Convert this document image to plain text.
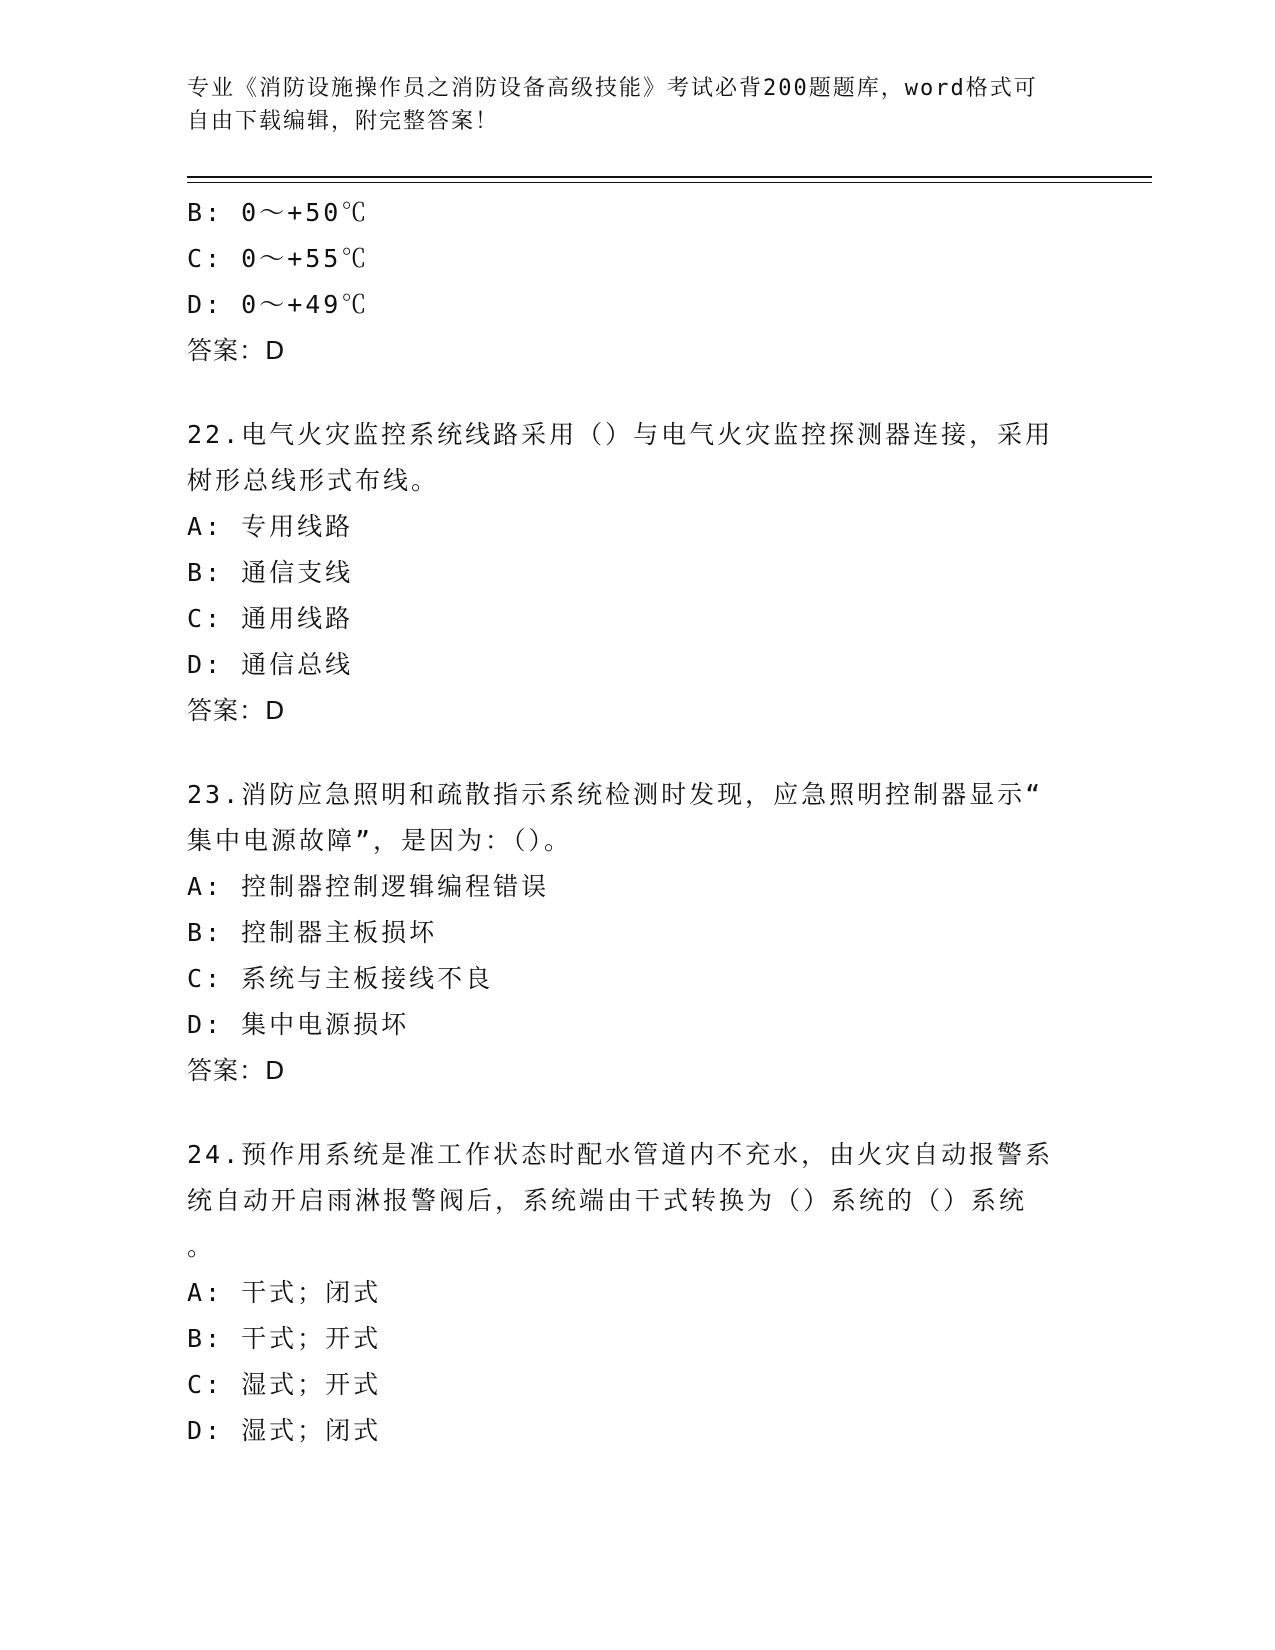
专业《消防设施操作员之消防设备高级技能》考试必背200题题库，word格式可
自由下载编辑，附完整答案！
B: 0～+50℃
C: 0～+55℃
D: 0～+49℃
答案：D
22.电气火灾监控系统线路采用（）与电气火灾监控探测器连接，采用
树形总线形式布线。
A: 专用线路
B: 通信支线
C: 通用线路
D: 通信总线
答案：D
23.消防应急照明和疏散指示系统检测时发现，应急照明控制器显示“
集中电源故障”，是因为：（）。
A: 控制器控制逻辑编程错误
B: 控制器主板损坏
C: 系统与主板接线不良
D: 集中电源损坏
答案：D
24.预作用系统是准工作状态时配水管道内不充水，由火灾自动报警系
统自动开启雨淋报警阀后，系统端由干式转换为（）系统的（）系统
。
A: 干式；闭式
B: 干式；开式
C: 湿式；开式
D: 湿式；闭式
